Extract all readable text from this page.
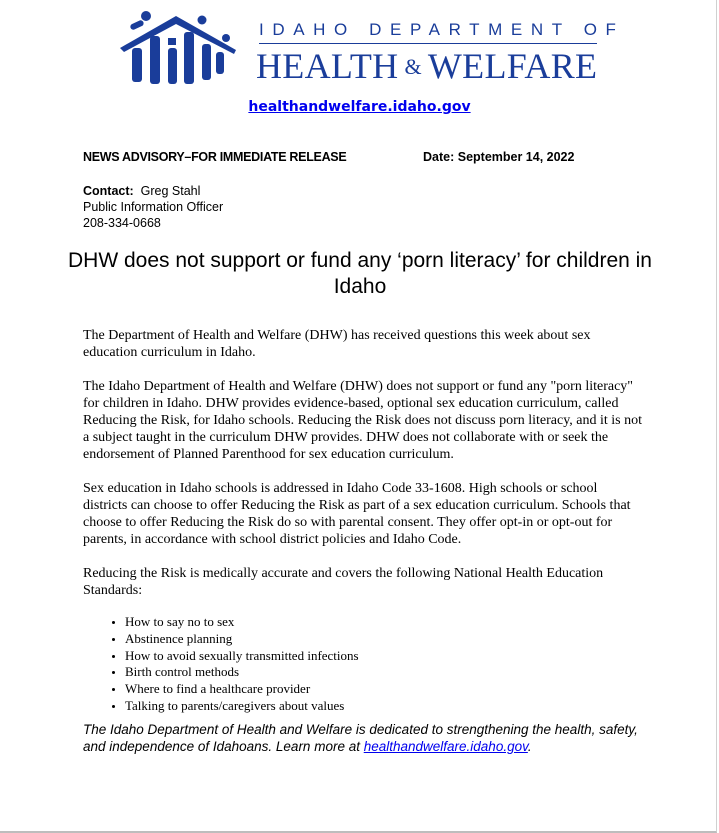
IDAHO DEPARTMENT OF
HEALTH & WELFARE
healthandwelfare.idaho.gov
NEWS ADVISORY–FOR IMMEDIATE RELEASE	Date: September 14, 2022
Contact: Greg Stahl
Public Information Officer
208-334-0668
DHW does not support or fund any ‘porn literacy’ for children in Idaho

The Department of Health and Welfare (DHW) has received questions this week about sex education curriculum in Idaho.

The Idaho Department of Health and Welfare (DHW) does not support or fund any "porn literacy" for children in Idaho. DHW provides evidence-based, optional sex education curriculum, called Reducing the Risk, for Idaho schools. Reducing the Risk does not discuss porn literacy, and it is not a subject taught in the curriculum DHW provides. DHW does not collaborate with or seek the endorsement of Planned Parenthood for sex education curriculum.

Sex education in Idaho schools is addressed in Idaho Code 33-1608. High schools or school districts can choose to offer Reducing the Risk as part of a sex education curriculum. Schools that choose to offer Reducing the Risk do so with parental consent. They offer opt-in or opt-out for parents, in accordance with school district policies and Idaho Code.

Reducing the Risk is medically accurate and covers the following National Health Education Standards:

• How to say no to sex
• Abstinence planning
• How to avoid sexually transmitted infections
• Birth control methods
• Where to find a healthcare provider
• Talking to parents/caregivers about values
The Idaho Department of Health and Welfare is dedicated to strengthening the health, safety, and independence of Idahoans. Learn more at healthandwelfare.idaho.gov.
